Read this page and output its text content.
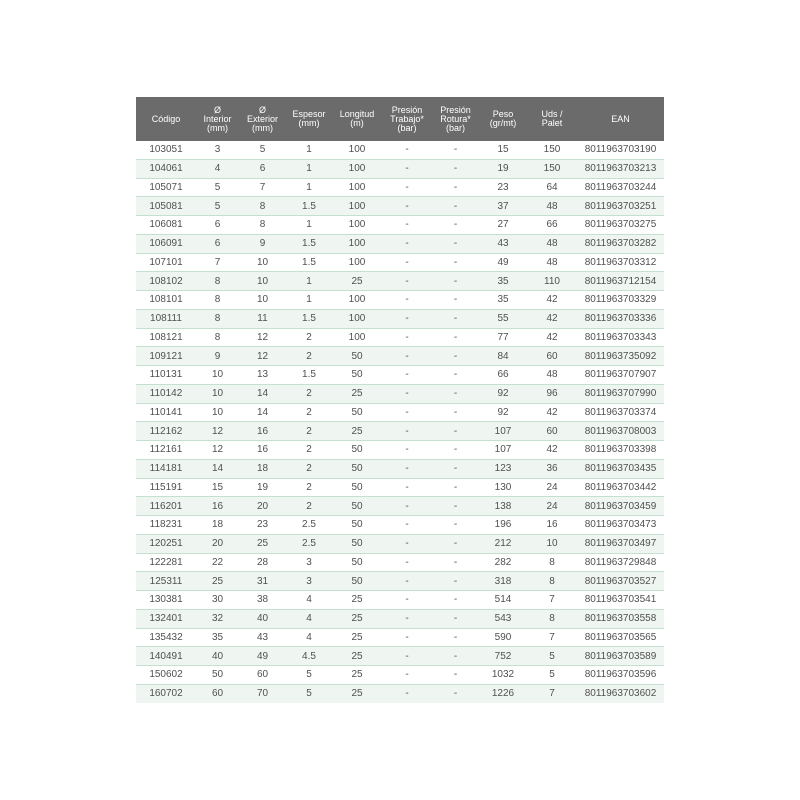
Código	Ø
Interior
(mm)	Ø
Exterior
(mm)	Espesor
(mm)	Longitud
(m)	Presión
Trabajo*
(bar)	Presión
Rotura*
(bar)	Peso
(gr/mt)	Uds /
Palet	EAN
103051	3	5	1	100	-	-	15	150	8011963703190
104061	4	6	1	100	-	-	19	150	8011963703213
105071	5	7	1	100	-	-	23	64	8011963703244
105081	5	8	1.5	100	-	-	37	48	8011963703251
106081	6	8	1	100	-	-	27	66	8011963703275
106091	6	9	1.5	100	-	-	43	48	8011963703282
107101	7	10	1.5	100	-	-	49	48	8011963703312
108102	8	10	1	25	-	-	35	110	8011963712154
108101	8	10	1	100	-	-	35	42	8011963703329
108111	8	11	1.5	100	-	-	55	42	8011963703336
108121	8	12	2	100	-	-	77	42	8011963703343
109121	9	12	2	50	-	-	84	60	8011963735092
110131	10	13	1.5	50	-	-	66	48	8011963707907
110142	10	14	2	25	-	-	92	96	8011963707990
110141	10	14	2	50	-	-	92	42	8011963703374
112162	12	16	2	25	-	-	107	60	8011963708003
112161	12	16	2	50	-	-	107	42	8011963703398
114181	14	18	2	50	-	-	123	36	8011963703435
115191	15	19	2	50	-	-	130	24	8011963703442
116201	16	20	2	50	-	-	138	24	8011963703459
118231	18	23	2.5	50	-	-	196	16	8011963703473
120251	20	25	2.5	50	-	-	212	10	8011963703497
122281	22	28	3	50	-	-	282	8	8011963729848
125311	25	31	3	50	-	-	318	8	8011963703527
130381	30	38	4	25	-	-	514	7	8011963703541
132401	32	40	4	25	-	-	543	8	8011963703558
135432	35	43	4	25	-	-	590	7	8011963703565
140491	40	49	4.5	25	-	-	752	5	8011963703589
150602	50	60	5	25	-	-	1032	5	8011963703596
160702	60	70	5	25	-	-	1226	7	8011963703602
